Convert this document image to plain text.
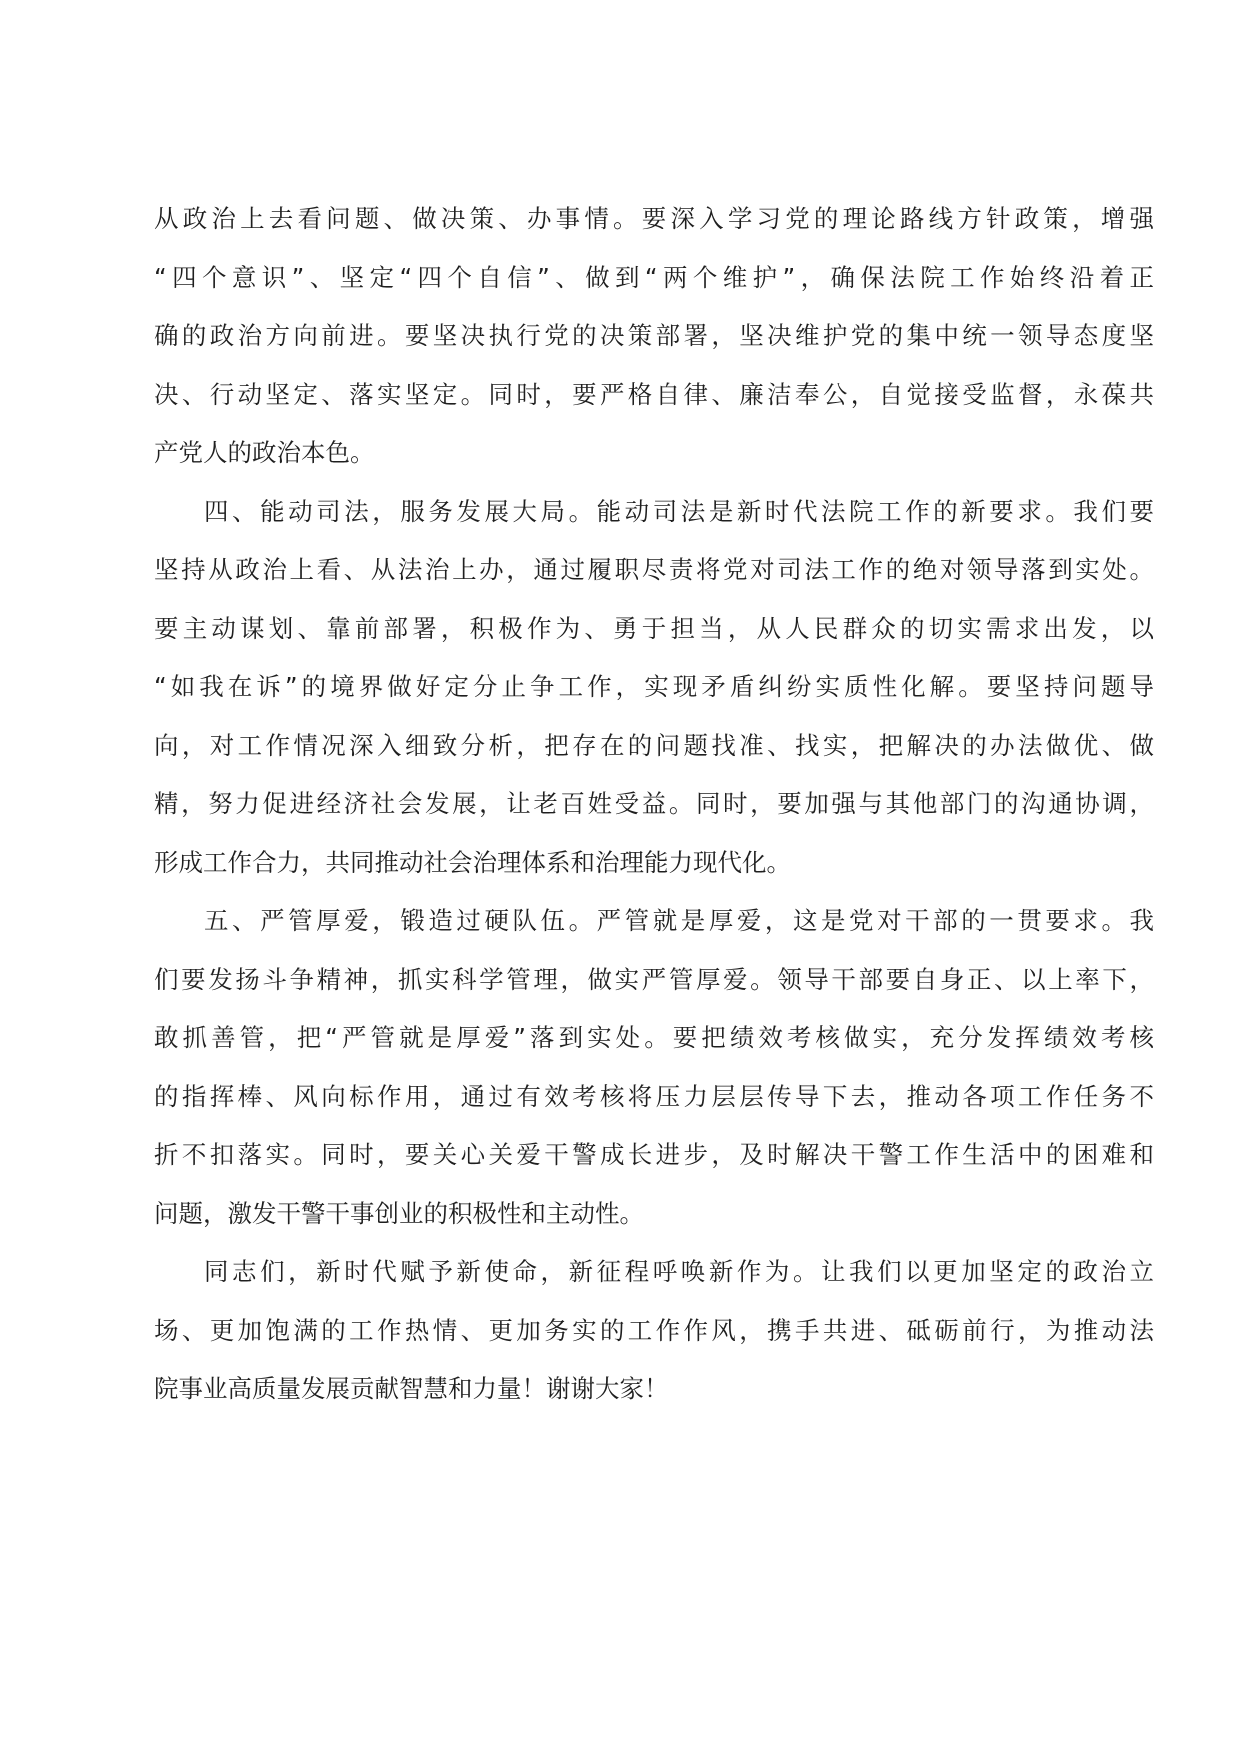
从政治上去看问题、做决策、办事情。要深入学习党的理论路线方针政策，增强
“四个意识”、坚定“四个自信”、做到“两个维护”，确保法院工作始终沿着正
确的政治方向前进。要坚决执行党的决策部署，坚决维护党的集中统一领导态度坚
决、行动坚定、落实坚定。同时，要严格自律、廉洁奉公，自觉接受监督，永葆共
产党人的政治本色。
四、能动司法，服务发展大局。能动司法是新时代法院工作的新要求。我们要
坚持从政治上看、从法治上办，通过履职尽责将党对司法工作的绝对领导落到实处。
要主动谋划、靠前部署，积极作为、勇于担当，从人民群众的切实需求出发，以
“如我在诉”的境界做好定分止争工作，实现矛盾纠纷实质性化解。要坚持问题导
向，对工作情况深入细致分析，把存在的问题找准、找实，把解决的办法做优、做
精，努力促进经济社会发展，让老百姓受益。同时，要加强与其他部门的沟通协调，
形成工作合力，共同推动社会治理体系和治理能力现代化。
五、严管厚爱，锻造过硬队伍。严管就是厚爱，这是党对干部的一贯要求。我
们要发扬斗争精神，抓实科学管理，做实严管厚爱。领导干部要自身正、以上率下，
敢抓善管，把“严管就是厚爱”落到实处。要把绩效考核做实，充分发挥绩效考核
的指挥棒、风向标作用，通过有效考核将压力层层传导下去，推动各项工作任务不
折不扣落实。同时，要关心关爱干警成长进步，及时解决干警工作生活中的困难和
问题，激发干警干事创业的积极性和主动性。
同志们，新时代赋予新使命，新征程呼唤新作为。让我们以更加坚定的政治立
场、更加饱满的工作热情、更加务实的工作作风，携手共进、砥砺前行，为推动法
院事业高质量发展贡献智慧和力量！谢谢大家！
